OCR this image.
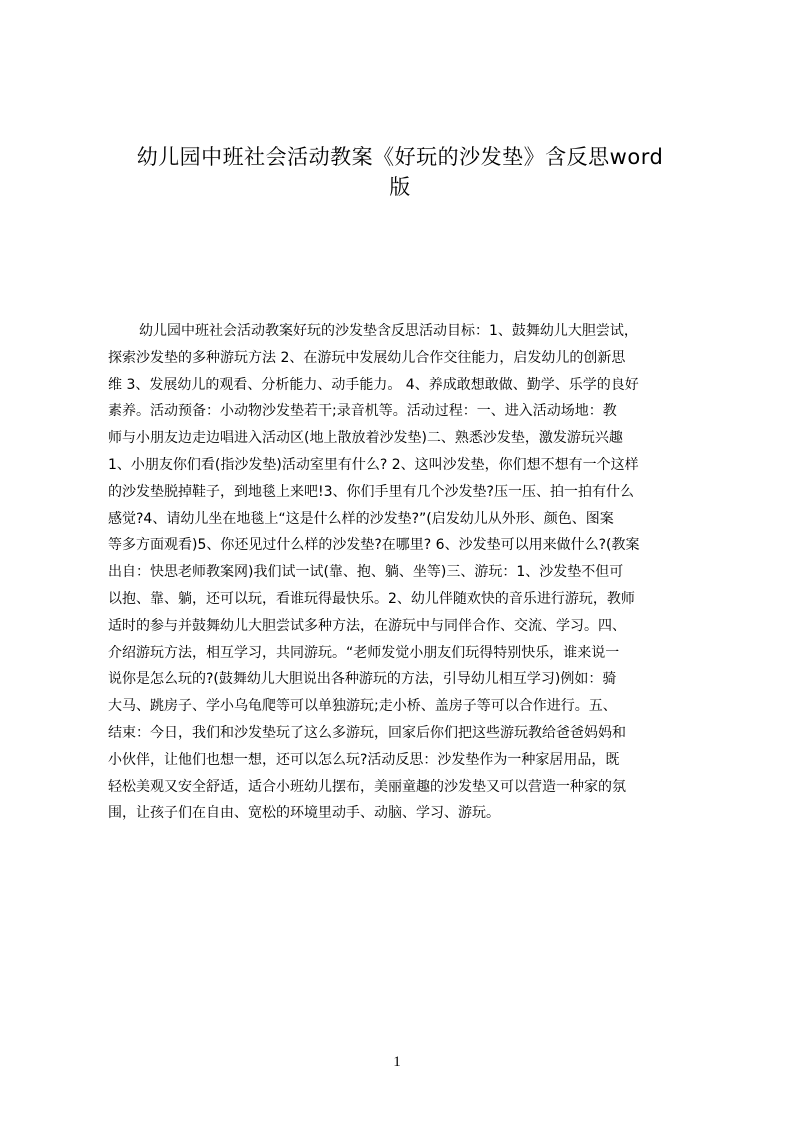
幼儿园中班社会活动教案《好玩的沙发垫》含反思word
版
幼儿园中班社会活动教案好玩的沙发垫含反思活动目标：1、鼓舞幼儿大胆尝试，
探索沙发垫的多种游玩方法 2、在游玩中发展幼儿合作交往能力，启发幼儿的创新思
维 3、发展幼儿的观看、分析能力、动手能力。 4、养成敢想敢做、勤学、乐学的良好
素养。活动预备：小动物沙发垫若干;录音机等。活动过程：一、进入活动场地：教
师与小朋友边走边唱进入活动区(地上散放着沙发垫)二、熟悉沙发垫，激发游玩兴趣
1、小朋友你们看(指沙发垫)活动室里有什么? 2、这叫沙发垫，你们想不想有一个这样
的沙发垫脱掉鞋子，到地毯上来吧!3、你们手里有几个沙发垫?压一压、拍一拍有什么
感觉?4、请幼儿坐在地毯上“这是什么样的沙发垫?”(启发幼儿从外形、颜色、图案
等多方面观看)5、你还见过什么样的沙发垫?在哪里? 6、沙发垫可以用来做什么?(教案
出自：快思老师教案网)我们试一试(靠、抱、躺、坐等)三、游玩：1、沙发垫不但可
以抱、靠、躺，还可以玩，看谁玩得最快乐。2、幼儿伴随欢快的音乐进行游玩，教师
适时的参与并鼓舞幼儿大胆尝试多种方法，在游玩中与同伴合作、交流、学习。四、
介绍游玩方法，相互学习，共同游玩。“老师发觉小朋友们玩得特别快乐，谁来说一
说你是怎么玩的?(鼓舞幼儿大胆说出各种游玩的方法，引导幼儿相互学习)例如：骑
大马、跳房子、学小乌龟爬等可以单独游玩;走小桥、盖房子等可以合作进行。五、
结束：今日，我们和沙发垫玩了这么多游玩，回家后你们把这些游玩教给爸爸妈妈和
小伙伴，让他们也想一想，还可以怎么玩?活动反思：沙发垫作为一种家居用品，既
轻松美观又安全舒适，适合小班幼儿摆布，美丽童趣的沙发垫又可以营造一种家的氛
围，让孩子们在自由、宽松的环境里动手、动脑、学习、游玩。
1
